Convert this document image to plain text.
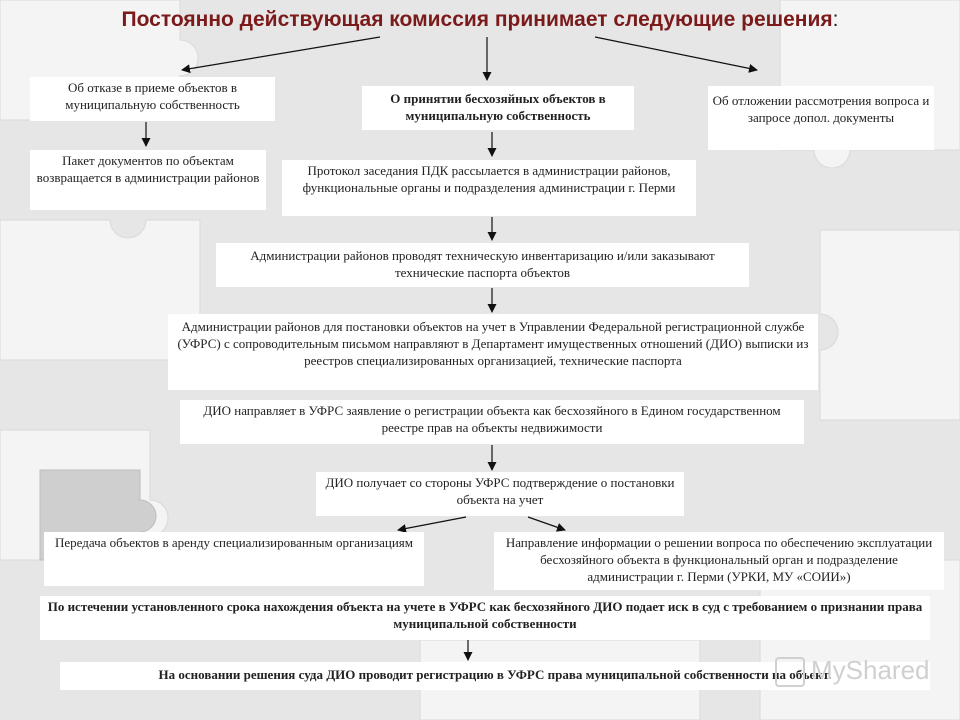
Постоянно действующая комиссия принимает следующие решения:
Об отказе в приеме объектов в муниципальную собственность	О принятии бесхозяйных объектов в муниципальную собственность
Об отложении рассмотрения вопроса и запросе допол. документы
Пакет документов по объектам возвращается в администрации районов	Протокол заседания ПДК рассылается в администрации районов, функциональные органы и подразделения администрации г. Перми
Администрации районов проводят техническую инвентаризацию и/или заказывают технические паспорта объектов
Администрации районов для постановки объектов на учет в Управлении Федеральной регистрационной службе (УФРС) с сопроводительным письмом направляют в Департамент имущественных отношений (ДИО) выписки из реестров специализированных организацией, технические паспорта
ДИО направляет в УФРС заявление о регистрации объекта как бесхозяйного в Едином государственном реестре прав на объекты недвижимости
ДИО получает со стороны УФРС подтверждение о постановки объекта на учет
Передача объектов в аренду специализированным организациям	Направление информации о решении вопроса по обеспечению эксплуатации бесхозяйного объекта в функциональный орган и подразделение администрации г. Перми (УРКИ, МУ «СОИИ»)
По истечении установленного срока нахождения объекта на учете в УФРС как бесхозяйного ДИО подает иск в суд с требованием о признании права муниципальной собственности
На основании решения суда ДИО проводит регистрацию в УФРС права муниципальной собственности на объект.
MyShared
